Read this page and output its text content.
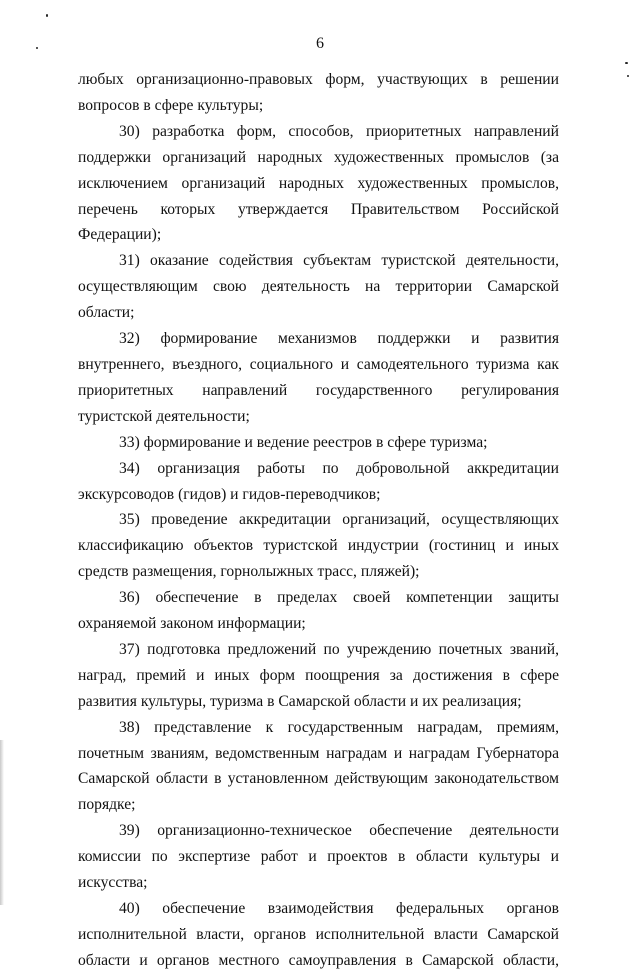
6

любых организационно-правовых форм, участвующих в решении вопросов в сфере культуры;

30) разработка форм, способов, приоритетных направлений поддержки организаций народных художественных промыслов (за исключением организаций народных художественных промыслов, перечень которых утверждается Правительством Российской Федерации);

31) оказание содействия субъектам туристской деятельности, осуществляющим свою деятельность на территории Самарской области;

32) формирование механизмов поддержки и развития внутреннего, въездного, социального и самодеятельного туризма как приоритетных направлений государственного регулирования туристской деятельности;

33) формирование и ведение реестров в сфере туризма;

34) организация работы по добровольной аккредитации экскурсоводов (гидов) и гидов-переводчиков;

35) проведение аккредитации организаций, осуществляющих классификацию объектов туристской индустрии (гостиниц и иных средств размещения, горнолыжных трасс, пляжей);

36) обеспечение в пределах своей компетенции защиты охраняемой законом информации;

37) подготовка предложений по учреждению почетных званий, наград, премий и иных форм поощрения за достижения в сфере развития культуры, туризма в Самарской области и их реализация;

38) представление к государственным наградам, премиям, почетным званиям, ведомственным наградам и наградам Губернатора Самарской области в установленном действующим законодательством порядке;

39) организационно-техническое обеспечение деятельности комиссии по экспертизе работ и проектов в области культуры и искусства;

40) обеспечение взаимодействия федеральных органов исполнительной власти, органов исполнительной власти Самарской области и органов местного самоуправления в Самарской области,
